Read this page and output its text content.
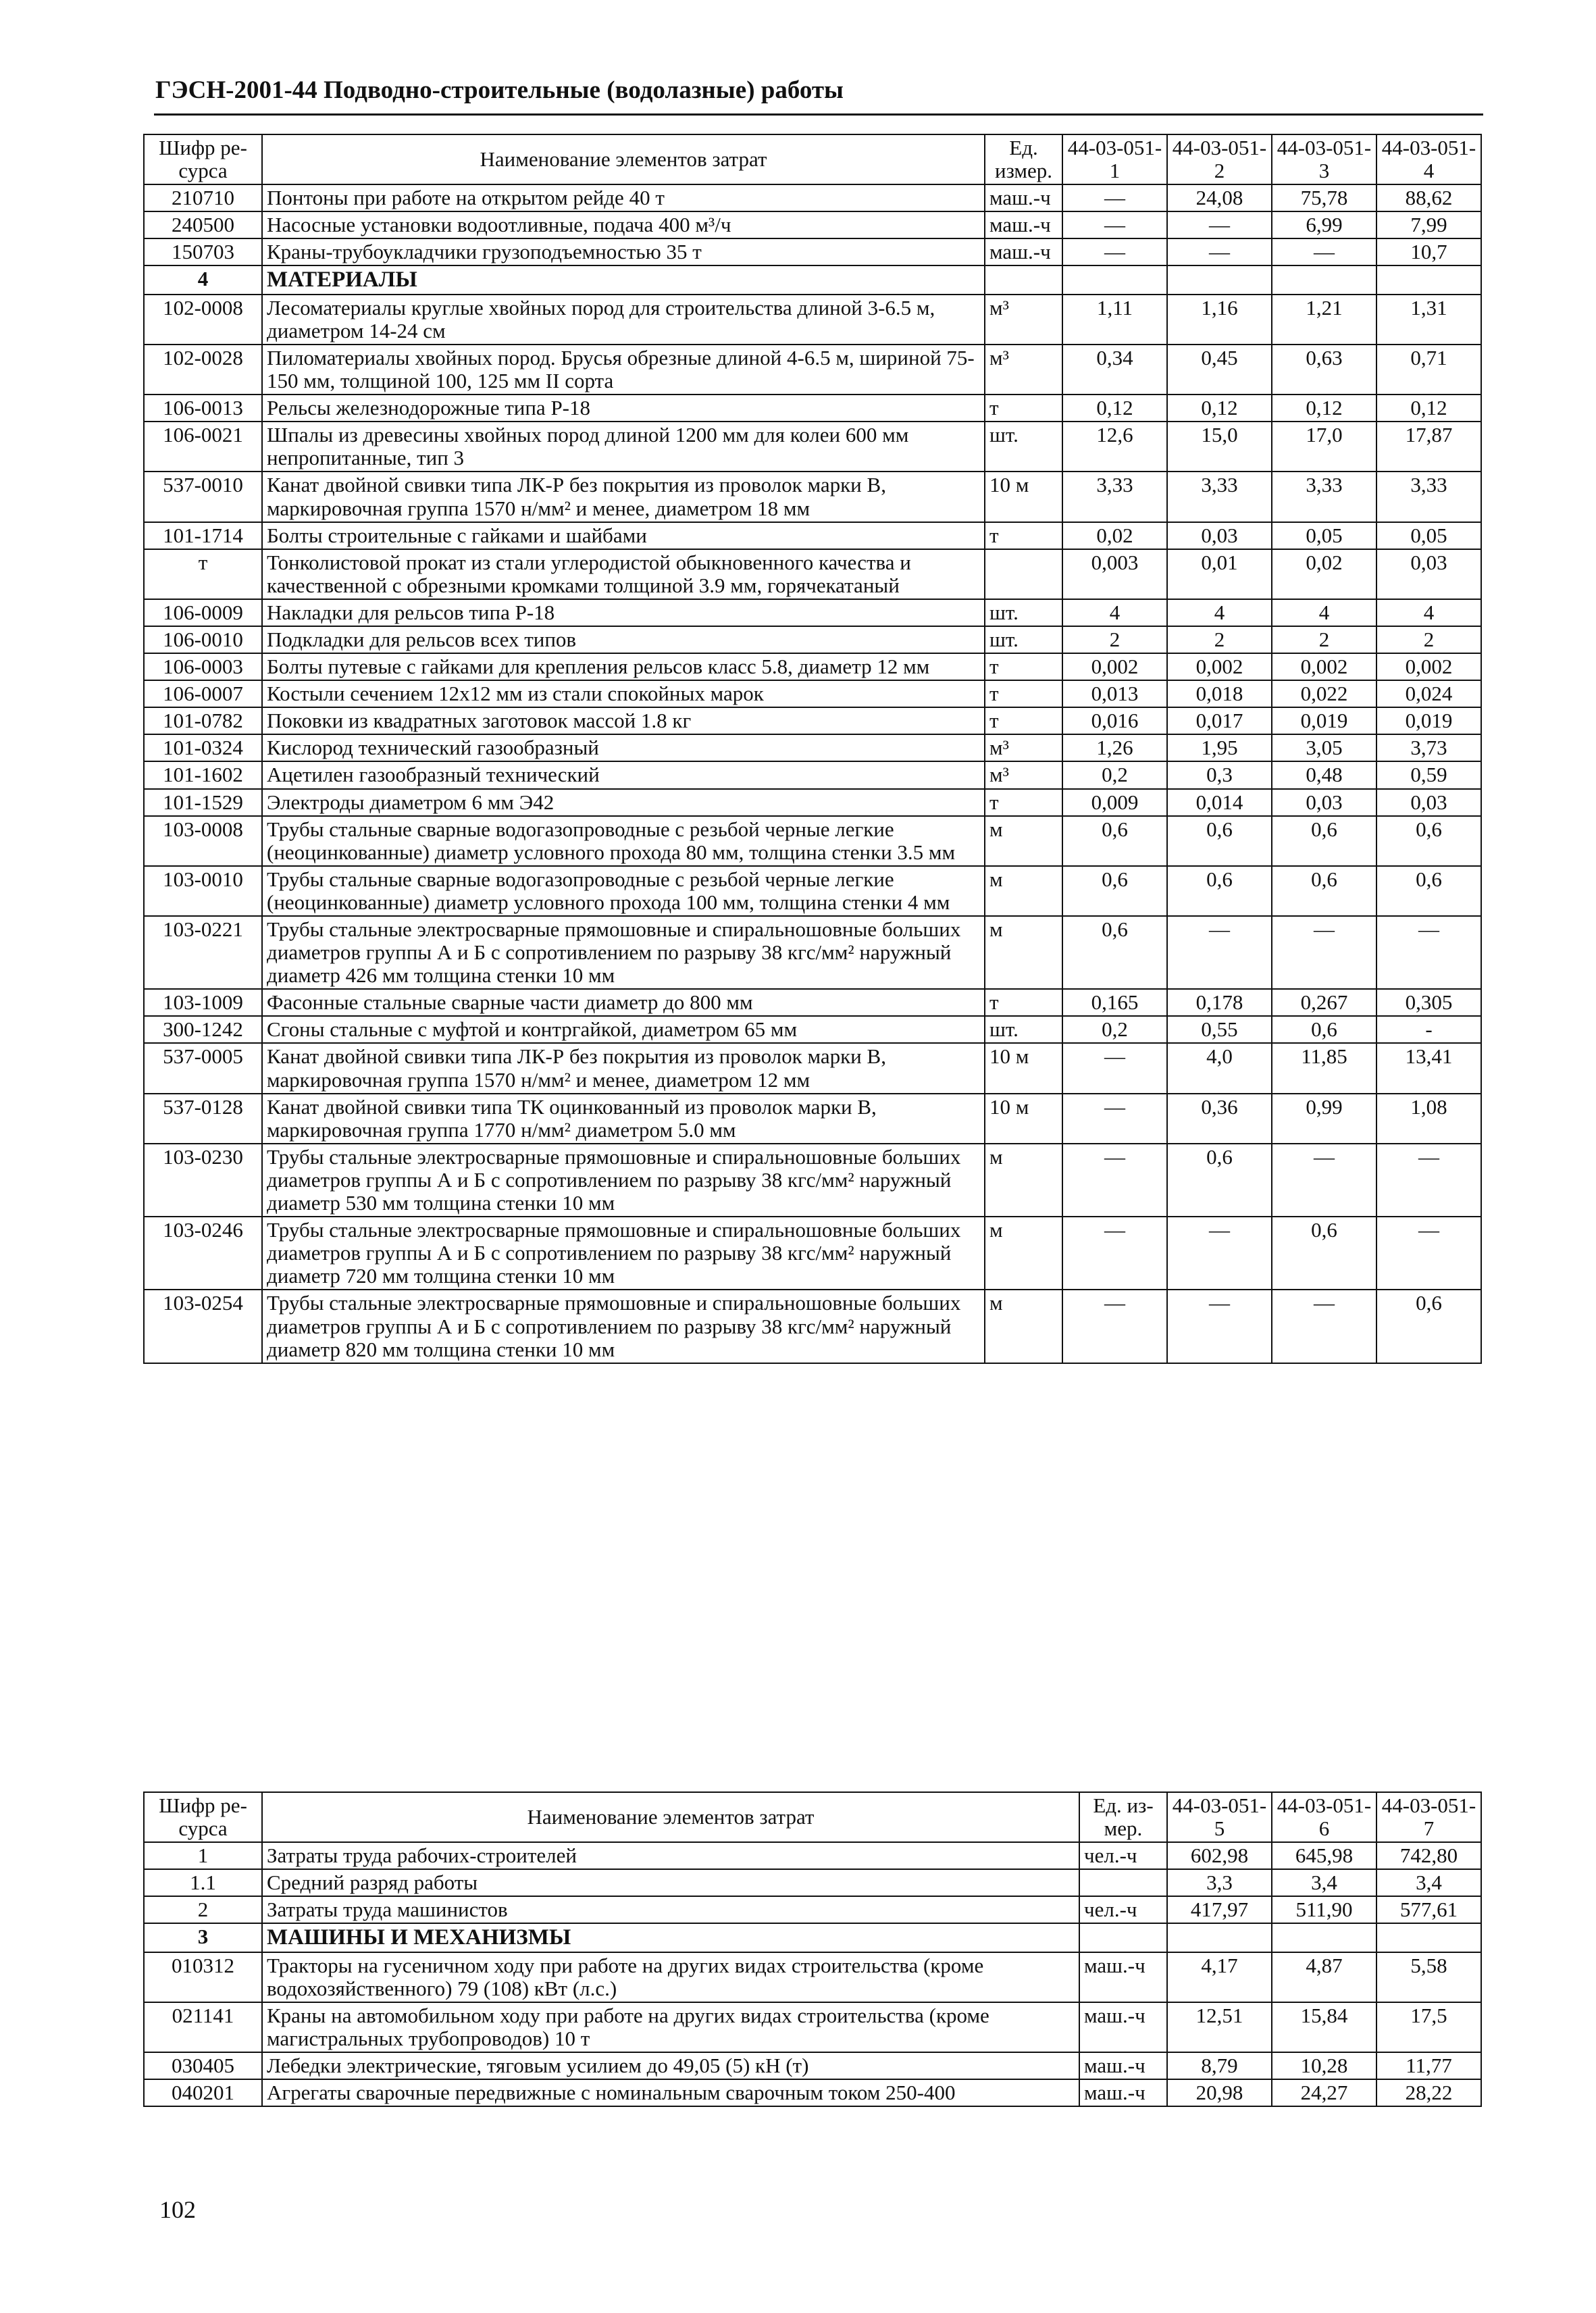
ГЭСН-2001-44 Подводно-строительные (водолазные) работы
Шифр ре-сурса	Наименование элементов затрат	Ед. измер.	44-03-051-1	44-03-051-2	44-03-051-3	44-03-051-4
210710	Понтоны при работе на открытом рейде 40 т	маш.-ч	—	24,08	75,78	88,62
240500	Насосные установки водоотливные, подача 400 м³/ч	маш.-ч	—	—	6,99	7,99
150703	Краны-трубоукладчики грузоподъемностью 35 т	маш.-ч	—	—	—	10,7
4	МАТЕРИАЛЫ					
102-0008	Лесоматериалы круглые хвойных пород для строительства длиной 3-6.5 м, диаметром 14-24 см	м³	1,11	1,16	1,21	1,31
102-0028	Пиломатериалы хвойных пород. Брусья обрезные длиной 4-6.5 м, шириной 75-150 мм, толщиной 100, 125 мм II сорта	м³	0,34	0,45	0,63	0,71
106-0013	Рельсы железнодорожные типа Р-18	т	0,12	0,12	0,12	0,12
106-0021	Шпалы из древесины хвойных пород длиной 1200 мм для колеи 600 мм непропитанные, тип 3	шт.	12,6	15,0	17,0	17,87
537-0010	Канат двойной свивки типа ЛК-Р без покрытия из проволок марки В, маркировочная группа 1570 н/мм² и менее, диаметром 18 мм	10 м	3,33	3,33	3,33	3,33
101-1714	Болты строительные с гайками и шайбами	т	0,02	0,03	0,05	0,05
т	Тонколистовой прокат из стали углеродистой обыкновенного качества и качественной с обрезными кромками толщиной 3.9 мм, горячекатаный		0,003	0,01	0,02	0,03
106-0009	Накладки для рельсов типа Р-18	шт.	4	4	4	4
106-0010	Подкладки для рельсов всех типов	шт.	2	2	2	2
106-0003	Болты путевые с гайками для крепления рельсов класс 5.8, диаметр 12 мм	т	0,002	0,002	0,002	0,002
106-0007	Костыли сечением 12х12 мм из стали спокойных марок	т	0,013	0,018	0,022	0,024
101-0782	Поковки из квадратных заготовок массой 1.8 кг	т	0,016	0,017	0,019	0,019
101-0324	Кислород технический газообразный	м³	1,26	1,95	3,05	3,73
101-1602	Ацетилен газообразный технический	м³	0,2	0,3	0,48	0,59
101-1529	Электроды диаметром 6 мм Э42	т	0,009	0,014	0,03	0,03
103-0008	Трубы стальные сварные водогазопроводные с резьбой черные легкие (неоцинкованные) диаметр условного прохода 80 мм, толщина стенки 3.5 мм	м	0,6	0,6	0,6	0,6
103-0010	Трубы стальные сварные водогазопроводные с резьбой черные легкие (неоцинкованные) диаметр условного прохода 100 мм, толщина стенки 4 мм	м	0,6	0,6	0,6	0,6
103-0221	Трубы стальные электросварные прямошовные и спиральношовные больших диаметров группы А и Б с сопротивлением по разрыву 38 кгс/мм² наружный диаметр 426 мм толщина стенки 10 мм	м	0,6	—	—	—
103-1009	Фасонные стальные сварные части диаметр до 800 мм	т	0,165	0,178	0,267	0,305
300-1242	Сгоны стальные с муфтой и контргайкой, диаметром 65 мм	шт.	0,2	0,55	0,6	-
537-0005	Канат двойной свивки типа ЛК-Р без покрытия из проволок марки В, маркировочная группа 1570 н/мм² и менее, диаметром 12 мм	10 м	—	4,0	11,85	13,41
537-0128	Канат двойной свивки типа ТК оцинкованный из проволок марки В, маркировочная группа 1770 н/мм² диаметром 5.0 мм	10 м	—	0,36	0,99	1,08
103-0230	Трубы стальные электросварные прямошовные и спиральношовные больших диаметров группы А и Б с сопротивлением по разрыву 38 кгс/мм² наружный диаметр 530 мм толщина стенки 10 мм	м	—	0,6	—	—
103-0246	Трубы стальные электросварные прямошовные и спиральношовные больших диаметров группы А и Б с сопротивлением по разрыву 38 кгс/мм² наружный диаметр 720 мм толщина стенки 10 мм	м	—	—	0,6	—
103-0254	Трубы стальные электросварные прямошовные и спиральношовные больших диаметров группы А и Б с сопротивлением по разрыву 38 кгс/мм² наружный диаметр 820 мм толщина стенки 10 мм	м	—	—	—	0,6
Шифр ре-сурса	Наименование элементов затрат	Ед. из-мер.	44-03-051-5	44-03-051-6	44-03-051-7
1	Затраты труда рабочих-строителей	чел.-ч	602,98	645,98	742,80
1.1	Средний разряд работы		3,3	3,4	3,4
2	Затраты труда машинистов	чел.-ч	417,97	511,90	577,61
3	МАШИНЫ И МЕХАНИЗМЫ				
010312	Тракторы на гусеничном ходу при работе на других видах строительства (кроме водохозяйственного) 79 (108) кВт (л.с.)	маш.-ч	4,17	4,87	5,58
021141	Краны на автомобильном ходу при работе на других видах строительства (кроме магистральных трубопроводов) 10 т	маш.-ч	12,51	15,84	17,5
030405	Лебедки электрические, тяговым усилием до 49,05 (5) кН (т)	маш.-ч	8,79	10,28	11,77
040201	Агрегаты сварочные передвижные с номинальным сварочным током 250-400	маш.-ч	20,98	24,27	28,22
102
